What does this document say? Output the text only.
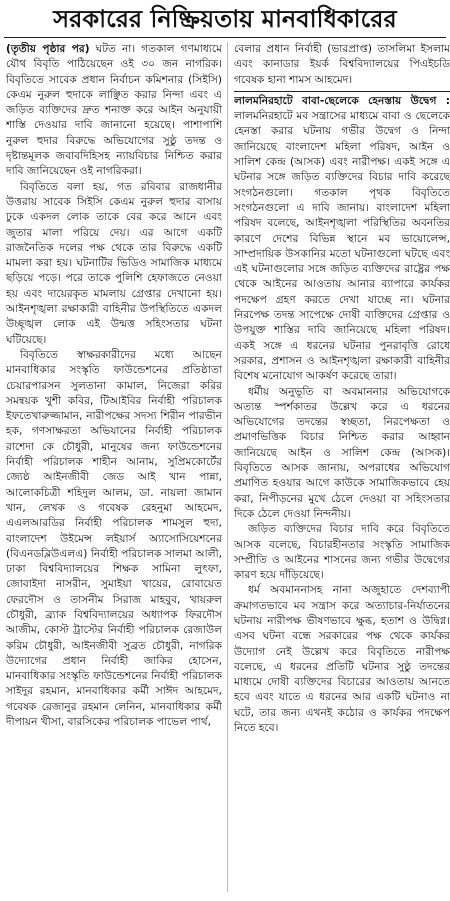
সরকারের নিষ্ক্রিয়তায় মানবাধিকারের

(তৃতীয় পৃষ্ঠার পর) ঘটত না। গতকাল গণমাধ্যমে যৌথ বিবৃতি পাঠিয়েছেন ওই ৩০ জন নাগরিক। বিবৃতিতে সাবেক প্রধান নির্বাচন কমিশনার (সিইসি) কেএম নুরুল হুদাকে লাঞ্ছিত করার নিন্দা এবং এ জড়িত ব্যক্তিদের দ্রুত শনাক্ত করে আইন অনুযায়ী শাস্তি দেওয়ার দাবি জানানো হয়েছে। পাশাপাশি নুরুল হুদার বিরুদ্ধে অভিযোগের সুষ্ঠু তদন্ত ও দৃষ্টান্তমূলক জবাবদিহিসহ ন্যায়বিচার নিশ্চিত করার দাবি জানিয়েছেন ওই নাগরিকরা।

বিবৃতিতে বলা হয়, গত রবিবার রাজধানীর উত্তরায় সাবেক সিইসি কেএম নুরুল হুদার বাসায় ঢুকে একদল লোক তাকে বের করে আনে এবং জুতার মালা পরিয়ে দেয়। এর আগে একটি রাজনৈতিক দলের পক্ষ থেকে তার বিরুদ্ধে একটি মামলা করা হয়। ঘটনাটির ভিডিও সামাজিক মাধ্যমে ছড়িয়ে পড়ে। পরে তাকে পুলিশি হেফাজতে নেওয়া হয় এবং দায়েরকৃত মামলায় গ্রেপ্তার দেখানো হয়। আইনশৃঙ্খলা রক্ষাকারী বাহিনীর উপস্থিতিতে একদল উচ্ছৃঙ্খল লোক এই উন্মত্ত সহিংসতার ঘটনা ঘটিয়েছে।

বিবৃতিতে স্বাক্ষরকারীদের মধ্যে আছেন মানবাধিকার সংস্কৃতি ফাউন্ডেশনের প্রতিষ্ঠাতা চেয়ারপারসন সুলতানা কামাল, নিজেরা করির সমন্বয়ক খুশী কবির, টিআইবির নির্বাহী পরিচালক ইফতেখারুজ্জামান, নারীপক্ষের সদস্য শিরীন পারভীন হক, গণসাক্ষরতা অভিযানের নির্বাহী পরিচালক রাশেদা কে চৌধুরী, মানুষের জন্য ফাউন্ডেশনের নির্বাহী পরিচালক শাহীন আনাম, সুপ্রিমকোর্টের জ্যেষ্ঠ আইনজীবী জেড আই খান পান্না, আলোকচিত্রী শহিদুল আলম, ডা. নায়লা জামান খান, লেখক ও গবেষক রেহনুমা আহমেদ, এএলআরডির নির্বাহী পরিচালক শামসুল হুদা, বাংলাদেশ উইমেন্স লইয়ার্স অ্যাসোসিয়েশনের (বিএনডব্লিউএলএ) নির্বাহী পরিচালক সালমা আলী, ঢাকা বিশ্ববিদ্যালয়ের শিক্ষক সামিনা লুৎফা, জোবাইদা নাসরীন, সুমাইয়া খায়ের, রোবায়েত ফেরদৌস ও তাসনীম সিরাজ মাহবুব, খায়রুল চৌধুরী, ব্র্যাক বিশ্ববিদ্যালয়ের অধ্যাপক ফিরদৌস আজীম, কোস্ট ট্রাস্টের নির্বাহী পরিচালক রেজাউল করিম চৌধুরী, আইনজীবী সুব্রত চৌধুরী, নাগরিক উদ্যোগের প্রধান নির্বাহী জাকির হোসেন, মানবাধিকার সংস্কৃতি ফাউন্ডেশনের নির্বাহী পরিচালক সাইদুর রহমান, মানবাধিকার কর্মী সাঈদ আহমেদ, গবেষক রেজানুর রহমান লেনিন, মানবাধিকার কর্মী দীপায়ন খীসা, বারসিকের পরিচালক পাভেল পার্থ,

বেলার প্রধান নির্বাহী (ভারপ্রাপ্ত) তাসলিমা ইসলাম এবং কানাডার ইয়র্ক বিশ্ববিদ্যালয়ের পিএইচডি গবেষক হানা শামস আহমেদ।

লালমনিরহাটে বাবা-ছেলেকে হেনস্তায় উদ্বেগ : লালমনিরহাটে মব সন্ত্রাসের মাধ্যমে বাবা ও ছেলেকে হেনস্তা করার ঘটনায় গভীর উদ্বেগ ও নিন্দা জানিয়েছে বাংলাদেশ মহিলা পরিষদ, আইন ও সালিশ কেন্দ্র (আসক) এবং নারীপক্ষ। একই সঙ্গে এ ঘটনার সঙ্গে জড়িত ব্যক্তিদের বিচার দাবি করেছে সংগঠনগুলো। গতকাল পৃথক বিবৃতিতে সংগঠনগুলো এ দাবি জানায়। বাংলাদেশ মহিলা পরিষদ বলেছে, আইনশৃঙ্খলা পরিস্থিতির অবনতির কারণে দেশের বিভিন্ন স্থানে মব ভায়োলেন্স, সাম্প্রদায়িক উসকানির মতো ঘটনাগুলো ঘটছে এবং এই ঘটনাগুলোর সঙ্গে জড়িত ব্যক্তিদের রাষ্ট্রের পক্ষ থেকে আইনের আওতায় আনার ব্যাপারে কার্যকর পদক্ষেপ গ্রহণ করতে দেখা যাচ্ছে না। ঘটনার নিরপেক্ষ তদন্ত সাপেক্ষে দোষী ব্যক্তিদের গ্রেপ্তার ও উপযুক্ত শাস্তির দাবি জানিয়েছে মহিলা পরিষদ। একই সঙ্গে এ ধরনের ঘটনার পুনরাবৃত্তি রোধে সরকার, প্রশাসন ও আইনশৃঙ্খলা রক্ষাকারী বাহিনীর বিশেষ মনোযোগ আকর্ষণ করেছে তারা।

ধর্মীয় অনুভূতি বা অবমাননার অভিযোগকে অত্যন্ত স্পর্শকাতর উল্লেখ করে এ ধরনের অভিযোগের তদন্তের স্বচ্ছতা, নিরপেক্ষতা ও প্রমাণভিত্তিক বিচার নিশ্চিত করার আহ্বান জানিয়েছে আইন ও সালিশ কেন্দ্র (আসক)। বিবৃতিতে আসক জানায়, অপরাধের অভিযোগ প্রমাণিত হওয়ার আগে কাউকে সামাজিকভাবে হেয় করা, নিপীড়নের মুখে ঠেলে দেওয়া বা সহিংসতার দিকে ঠেলে দেওয়া নিন্দনীয়।

জড়িত ব্যক্তিদের বিচার দাবি করে বিবৃতিতে আসক বলেছে, বিচারহীনতার সংস্কৃতি সামাজিক সম্প্রীতি ও আইনের শাসনের জন্য গভীর উদ্বেগের কারণ হয়ে দাঁড়িয়েছে।

ধর্ম অবমাননাসহ নানা অজুহাতে দেশব্যাপী ক্রমাগতভাবে মব সন্ত্রাস করে অত্যাচার-নির্যাতনের ঘটনায় নারীপক্ষ ভীষণভাবে ক্ষুব্ধ, হতাশ ও উদ্বিগ্ন। এসব ঘটনা বন্ধে সরকারের পক্ষ থেকে কার্যকর উদ্যোগ নেই উল্লেখ করে বিবৃতিতে নারীপক্ষ বলেছে, এ ধরনের প্রতিটি ঘটনার সুষ্ঠু তদন্তের মাধ্যমে দোষী ব্যক্তিদের বিচারের আওতায় আনতে হবে এবং যাতে এ ধরনের আর একটি ঘটনাও না ঘটে, তার জন্য এখনই কঠোর ও কার্যকর পদক্ষেপ নিতে হবে।
